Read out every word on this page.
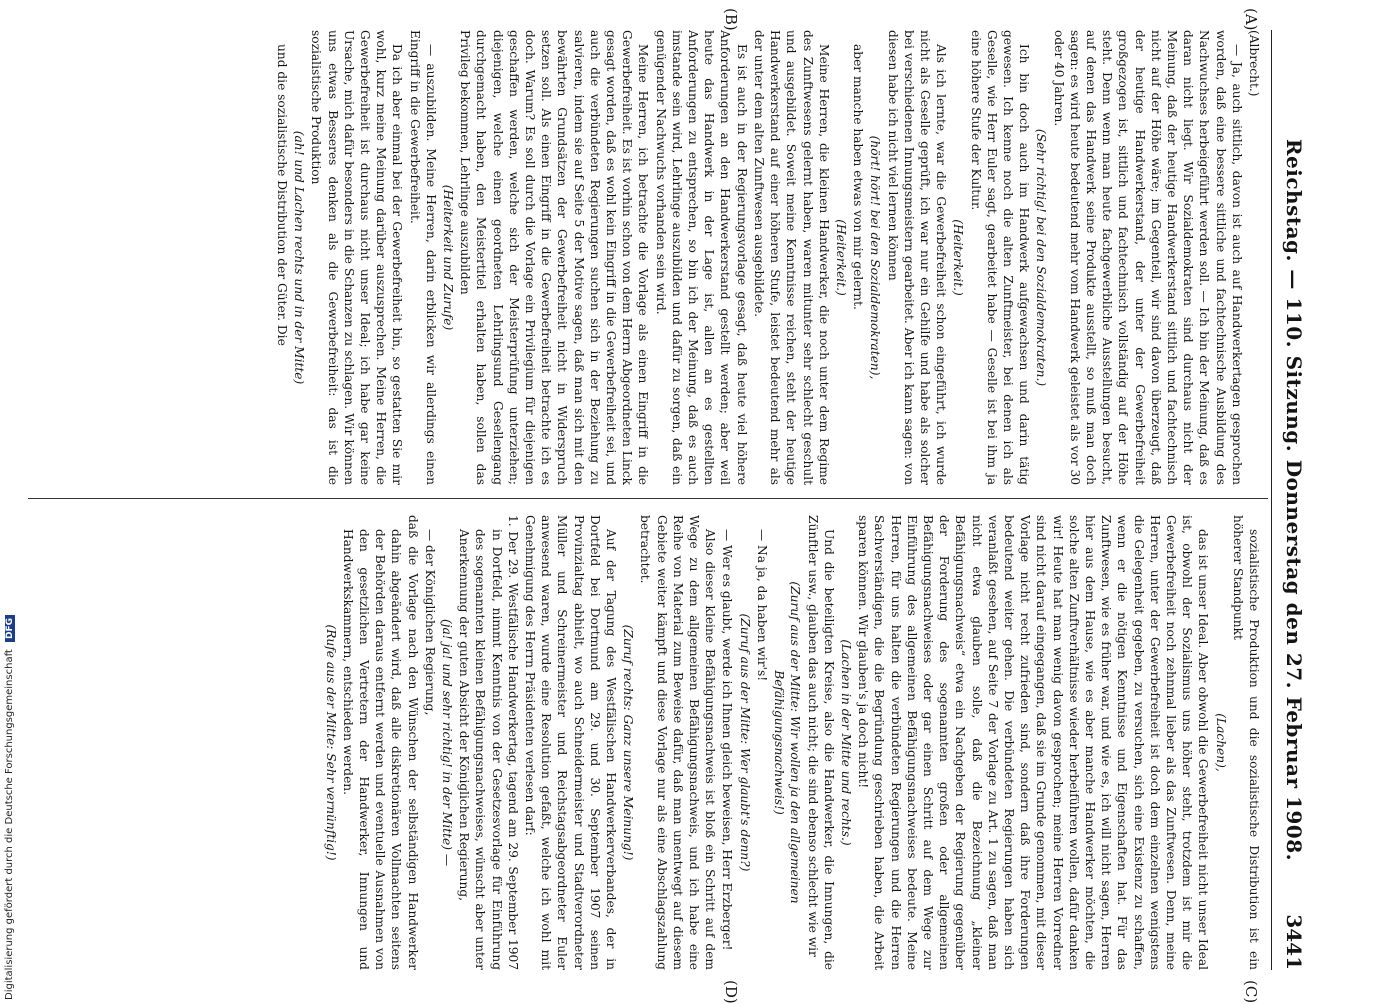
Digitalisierung gefördert durch die Deutsche Forschungsgemeinschaft DFG	Reichstag. — 110. Sitzung. Donnerstag den 27. Februar 1908.
3441
(A)
(B)
(C)
(D)

(Albrecht.)

— Ja, auch sittlich, davon ist auch auf Handwerkertagen gesprochen worden, daß eine bessere sittliche und fachtechnische Ausbildung des Nachwuchses herbeigeführt werden soll. — Ich bin der Meinung, daß es daran nicht liegt. Wir Sozialdemokraten sind durchaus nicht der Meinung, daß der heutige Handwerkerstand sittlich und fachtechnisch nicht auf der Höhe wäre; im Gegenteil, wir sind davon überzeugt, daß der heutige Handwerkerstand, der unter der Gewerbefreiheit großgezogen ist, sittlich und fachtechnisch vollständig auf der Höhe steht. Denn wenn man heute fachgewerbliche Ausstellungen besucht, auf denen das Handwerk seine Produkte ausstellt, so muß man doch sagen: es wird heute bedeutend mehr vom Handwerk geleistet als vor 30 oder 40 Jahren.

(Sehr richtig! bei den Sozialdemokraten.)

Ich bin doch auch im Handwerk aufgewachsen und darin tätig gewesen. Ich kenne noch die alten Zunftmeister, bei denen ich als Geselle, wie Herr Euler sagt, gearbeitet habe — Geselle ist bei ihm ja eine höhere Stufe der Kultur.

(Heiterkeit.)

Als ich lernte, war die Gewerbefreiheit schon eingeführt, ich wurde nicht als Geselle geprüft, ich war nur ein Gehilfe und habe als solcher bei verschiedenen Innungsmeistern gearbeitet. Aber ich kann sagen: von diesen habe ich nicht viel lernen können

(hört! hört! bei den Sozialdemokraten),

aber manche haben etwas von mir gelernt.

(Heiterkeit.)

Meine Herren, die kleinen Handwerker, die noch unter dem Regime des Zunftwesens gelernt haben, waren mitunter sehr schlecht geschult und ausgebildet. Soweit meine Kenntnisse reichen, steht der heutige Handwerkerstand auf einer höheren Stufe, leistet bedeutend mehr als der unter dem alten Zunftwesen ausgebildete.

Es ist auch in der Regierungsvorlage gesagt, daß heute viel höhere Anforderungen an den Handwerkerstand gestellt werden; aber weil heute das Handwerk in der Lage ist, allen an es gestellten Anforderungen zu entsprechen, so bin ich der Meinung, daß es auch imstande sein wird, Lehrlinge auszubilden und dafür zu sorgen, daß ein genügender Nachwuchs vorhanden sein wird.

Meine Herren, ich betrachte die Vorlage als einen Eingriff in die Gewerbefreiheit. Es ist vorhin schon von dem Herrn Abgeordneten Linck gesagt worden, daß es wohl kein Eingriff in die Gewerbefreiheit sei, und auch die verbündeten Regierungen suchen sich in der Beziehung zu salvieren, indem sie auf Seite 5 der Motive sagen, daß man sich mit den bewährten Grundsätzen der Gewerbefreiheit nicht in Widerspruch setzen soll. Als einen Eingriff in die Gewerbefreiheit betrachte ich es doch. Warum? Es soll durch die Vorlage ein Privilegium für diejenigen geschaffen werden, welche sich der Meisterprüfung unterziehen; diejenigen, welche einen geordneten Lehrlingsund Gesellengang durchgemacht haben, den Meistertitel erhalten haben, sollen das Privileg bekommen, Lehrlinge auszubilden

(Heiterkeit und Zurufe)

— auszubilden. Meine Herren, darin erblicken wir allerdings einen Eingriff in die Gewerbefreiheit.

Da ich aber einmal bei der Gewerbefreiheit bin, so gestatten Sie mir wohl, kurz meine Meinung darüber auszusprechen. Meine Herren, die Gewerbefreiheit ist durchaus nicht unser Ideal; ich habe gar keine Ursache, mich dafür besonders in die Schanzen zu schlagen. Wir können uns etwas Besseres denken als die Gewerbefreiheit: das ist die sozialistische Produktion

(ah! und Lachen rechts und in der Mitte)

und die sozialistische Distribution der Güter. Die

sozialistische Produktion und die sozialistische Distribution ist ein höherer Standpunkt

(Lachen),

das ist unser Ideal. Aber obwohl die Gewerbefreiheit nicht unser Ideal ist, obwohl der Sozialismus uns höher steht, trotzdem ist mir die Gewerbefreiheit noch zehnmal lieber als das Zunftwesen. Denn, meine Herren, unter der Gewerbefreiheit ist doch dem einzelnen wenigstens die Gelegenheit gegeben, zu versuchen, sich eine Existenz zu schaffen, wenn er die nötigen Kenntnisse und Eigenschaften hat. Für das Zunftwesen, wie es früher war, und wie es, ich will nicht sagen, Herren hier aus dem Hause, wie es aber manche Handwerker möchten, die solche alten Zunftverhältnisse wieder herbeiführen wollen, dafür danken wir! Heute hat man wenig davon gesprochen; meine Herren Vorredner sind nicht darauf eingegangen, daß sie im Grunde genommen, mit dieser Vorlage nicht recht zufrieden sind, sondern daß ihre Forderungen bedeutend weiter gehen. Die verbündeten Regierungen haben sich veranlaßt gesehen, auf Seite 7 der Vorlage zu Art. 1 zu sagen, daß man nicht etwa glauben solle, daß die Bezeichnung „kleiner Befähigungsnachweis“ etwa ein Nachgeben der Regierung gegenüber der Forderung des sogenannten großen oder allgemeinen Befähigungsnachweises oder gar einen Schritt auf dem Wege zur Einführung des allgemeinen Befähigungsnachweises bedeute. Meine Herren, für uns halten die verbündeten Regierungen und die Herren Sachverständigen, die die Begründung geschrieben haben, die Arbeit sparen können. Wir glauben's ja doch nicht!

(Lachen in der Mitte und rechts.)

Und die beteiligten Kreise, also die Handwerker, die Innungen, die Zünftler usw., glauben das auch nicht; die sind ebenso schlecht wie wir

(Zuruf aus der Mitte: Wir wollen ja den allgemeinen Befähigungsnachweis!)

— Na ja, da haben wir's!

(Zuruf aus der Mitte: Wer glaubt's denn?)

— Wer es glaubt, werde ich Ihnen gleich beweisen, Herr Erzberger!

Also dieser kleine Befähigungsnachweis ist bloß ein Schritt auf dem Wege zu dem allgemeinen Befähigungsnachweis, und ich habe eine Reihe von Material zum Beweise dafür, daß man unentwegt auf diesem Gebiete weiter kämpft und diese Vorlage nur als eine Abschlagszahlung betrachtet.

(Zuruf rechts: Ganz unsere Meinung!)

Auf der Tagung des Westfälischen Handwerkerverbandes, der in Dortfeld bei Dortmund am 29. und 30. September 1907 seinen Provinzialtag abhielt, wo auch Schneidermeister und Stadtverordneter Müller und Schreinermeister und Reichstagsabgeordneter Euler anwesend waren, wurde eine Resolution gefaßt, welche ich wohl mit Genehmigung des Herrn Präsidenten verlesen darf:

1. Der 29. Westfälische Handwerkertag, tagend am 29. September 1907 in Dortfeld, nimmt Kenntnis von der Gesetzesvorlage für Einführung des sogenannten kleinen Befähigungsnachweises, wünscht aber unter Anerkennung der guten Absicht der Königlichen Regierung,

(ja! ja! und sehr richtig! in der Mitte) —

— der Königlichen Regierung,

daß die Vorlage nach den Wünschen der selbständigen Handwerker dahin abgeändert wird, daß alle diskretionären Vollmachten seitens der Behörden daraus entfernt werden und eventuelle Ausnahmen von den gesetzlichen Vertretern der Handwerker, Innungen und Handwerkskammern, entschieden werden.

(Rufe aus der Mitte: Sehr vernünftig!)
